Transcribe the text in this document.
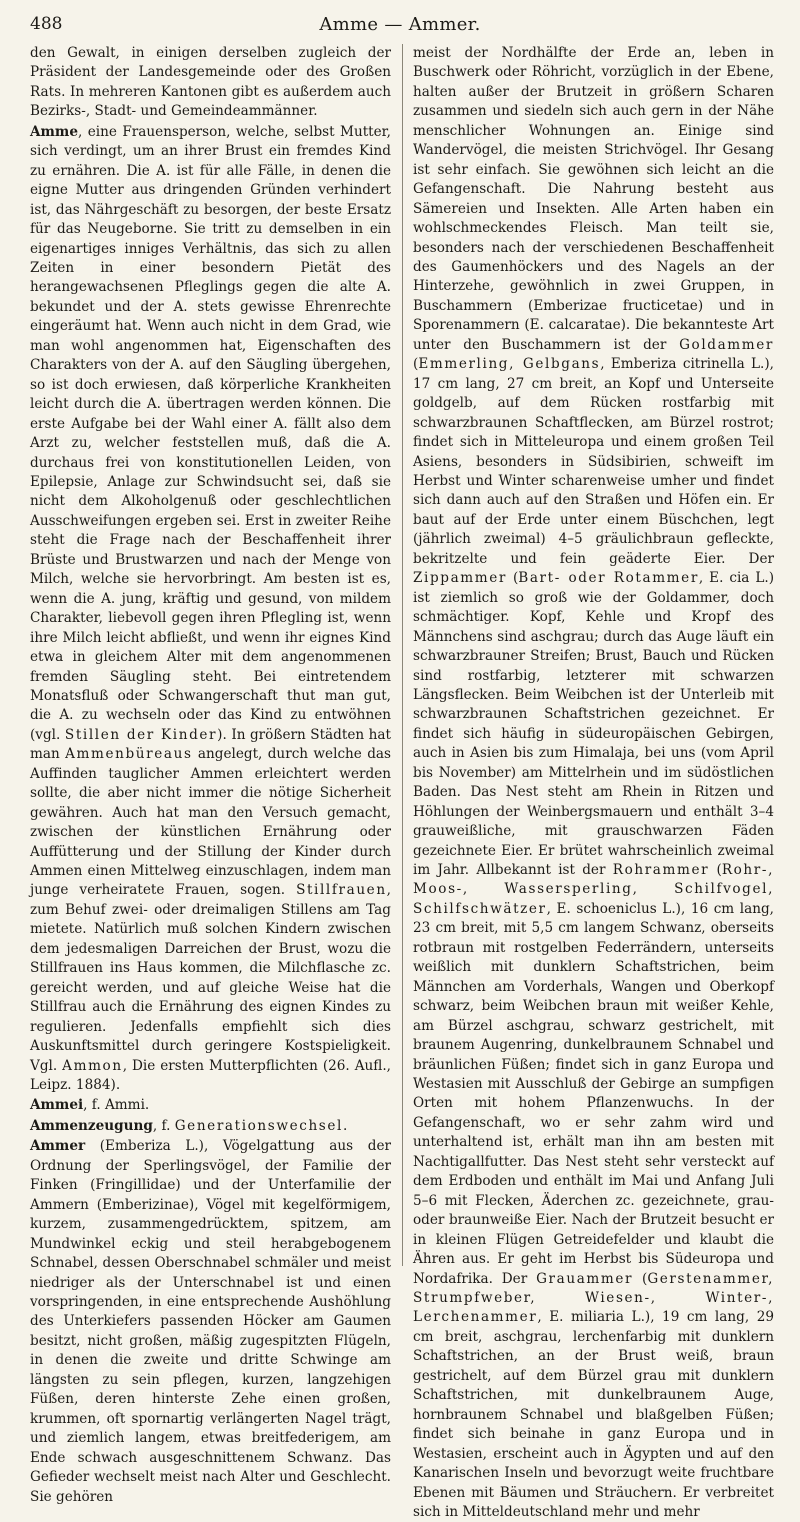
488	Amme — Ammer.

den Gewalt, in einigen derselben zugleich der Präsident der Landesgemeinde oder des Großen Rats. In mehreren Kantonen gibt es außerdem auch Bezirks-, Stadt- und Gemeindeammänner.

Amme, eine Frauensperson, welche, selbst Mutter, sich verdingt, um an ihrer Brust ein fremdes Kind zu ernähren. Die A. ist für alle Fälle, in denen die eigne Mutter aus dringenden Gründen verhindert ist, das Nährgeschäft zu besorgen, der beste Ersatz für das Neugeborne. Sie tritt zu demselben in ein eigenartiges inniges Verhältnis, das sich zu allen Zeiten in einer besondern Pietät des herangewachsenen Pfleglings gegen die alte A. bekundet und der A. stets gewisse Ehrenrechte eingeräumt hat. Wenn auch nicht in dem Grad, wie man wohl angenommen hat, Eigenschaften des Charakters von der A. auf den Säugling übergehen, so ist doch erwiesen, daß körperliche Krankheiten leicht durch die A. übertragen werden können. Die erste Aufgabe bei der Wahl einer A. fällt also dem Arzt zu, welcher feststellen muß, daß die A. durchaus frei von konstitutionellen Leiden, von Epilepsie, Anlage zur Schwindsucht sei, daß sie nicht dem Alkoholgenuß oder geschlechtlichen Ausschweifungen ergeben sei. Erst in zweiter Reihe steht die Frage nach der Beschaffenheit ihrer Brüste und Brustwarzen und nach der Menge von Milch, welche sie hervorbringt. Am besten ist es, wenn die A. jung, kräftig und gesund, von mildem Charakter, liebevoll gegen ihren Pflegling ist, wenn ihre Milch leicht abfließt, und wenn ihr eignes Kind etwa in gleichem Alter mit dem angenommenen fremden Säugling steht. Bei eintretendem Monatsfluß oder Schwangerschaft thut man gut, die A. zu wechseln oder das Kind zu entwöhnen (vgl. Stillen der Kinder). In größern Städten hat man Ammenbüreaus angelegt, durch welche das Auffinden tauglicher Ammen erleichtert werden sollte, die aber nicht immer die nötige Sicherheit gewähren. Auch hat man den Versuch gemacht, zwischen der künstlichen Ernährung oder Auffütterung und der Stillung der Kinder durch Ammen einen Mittelweg einzuschlagen, indem man junge verheiratete Frauen, sogen. Stillfrauen, zum Behuf zwei- oder dreimaligen Stillens am Tag mietete. Natürlich muß solchen Kindern zwischen dem jedesmaligen Darreichen der Brust, wozu die Stillfrauen ins Haus kommen, die Milchflasche zc. gereicht werden, und auf gleiche Weise hat die Stillfrau auch die Ernährung des eignen Kindes zu regulieren. Jedenfalls empfiehlt sich dies Auskunftsmittel durch geringere Kostspieligkeit. Vgl. Ammon, Die ersten Mutterpflichten (26. Aufl., Leipz. 1884).

Ammei, f. Ammi.

Ammenzeugung, f. Generationswechsel.

Ammer (Emberiza L.), Vögelgattung aus der Ordnung der Sperlingsvögel, der Familie der Finken (Fringillidae) und der Unterfamilie der Ammern (Emberizinae), Vögel mit kegelförmigem, kurzem, zusammengedrücktem, spitzem, am Mundwinkel eckig und steil herabgebogenem Schnabel, dessen Oberschnabel schmäler und meist niedriger als der Unterschnabel ist und einen vorspringenden, in eine entsprechende Aushöhlung des Unterkiefers passenden Höcker am Gaumen besitzt, nicht großen, mäßig zugespitzten Flügeln, in denen die zweite und dritte Schwinge am längsten zu sein pflegen, kurzen, langzehigen Füßen, deren hinterste Zehe einen großen, krummen, oft spornartig verlängerten Nagel trägt, und ziemlich langem, etwas breitfederigem, am Ende schwach ausgeschnittenem Schwanz. Das Gefieder wechselt meist nach Alter und Geschlecht. Sie gehören

meist der Nordhälfte der Erde an, leben in Buschwerk oder Röhricht, vorzüglich in der Ebene, halten außer der Brutzeit in größern Scharen zusammen und siedeln sich auch gern in der Nähe menschlicher Wohnungen an. Einige sind Wandervögel, die meisten Strichvögel. Ihr Gesang ist sehr einfach. Sie gewöhnen sich leicht an die Gefangenschaft. Die Nahrung besteht aus Sämereien und Insekten. Alle Arten haben ein wohlschmeckendes Fleisch. Man teilt sie, besonders nach der verschiedenen Beschaffenheit des Gaumenhöckers und des Nagels an der Hinterzehe, gewöhnlich in zwei Gruppen, in Buschammern (Emberizae fructicetae) und in Sporenammern (E. calcaratae). Die bekannteste Art unter den Buschammern ist der Goldammer (Emmerling, Gelbgans, Emberiza citrinella L.), 17 cm lang, 27 cm breit, an Kopf und Unterseite goldgelb, auf dem Rücken rostfarbig mit schwarzbraunen Schaftflecken, am Bürzel rostrot; findet sich in Mitteleuropa und einem großen Teil Asiens, besonders in Südsibirien, schweift im Herbst und Winter scharenweise umher und findet sich dann auch auf den Straßen und Höfen ein. Er baut auf der Erde unter einem Büschchen, legt (jährlich zweimal) 4–5 gräulichbraun gefleckte, bekritzelte und fein geäderte Eier. Der Zippammer (Bart- oder Rotammer, E. cia L.) ist ziemlich so groß wie der Goldammer, doch schmächtiger. Kopf, Kehle und Kropf des Männchens sind aschgrau; durch das Auge läuft ein schwarzbrauner Streifen; Brust, Bauch und Rücken sind rostfarbig, letzterer mit schwarzen Längsflecken. Beim Weibchen ist der Unterleib mit schwarzbraunen Schaftstrichen gezeichnet. Er findet sich häufig in südeuropäischen Gebirgen, auch in Asien bis zum Himalaja, bei uns (vom April bis November) am Mittelrhein und im südöstlichen Baden. Das Nest steht am Rhein in Ritzen und Höhlungen der Weinbergsmauern und enthält 3–4 grauweißliche, mit grauschwarzen Fäden gezeichnete Eier. Er brütet wahrscheinlich zweimal im Jahr. Allbekannt ist der Rohrammer (Rohr-, Moos-, Wassersperling, Schilfvogel, Schilfschwätzer, E. schoeniclus L.), 16 cm lang, 23 cm breit, mit 5,5 cm langem Schwanz, oberseits rotbraun mit rostgelben Federrändern, unterseits weißlich mit dunklern Schaftstrichen, beim Männchen am Vorderhals, Wangen und Oberkopf schwarz, beim Weibchen braun mit weißer Kehle, am Bürzel aschgrau, schwarz gestrichelt, mit braunem Augenring, dunkelbraunem Schnabel und bräunlichen Füßen; findet sich in ganz Europa und Westasien mit Ausschluß der Gebirge an sumpfigen Orten mit hohem Pflanzenwuchs. In der Gefangenschaft, wo er sehr zahm wird und unterhaltend ist, erhält man ihn am besten mit Nachtigallfutter. Das Nest steht sehr versteckt auf dem Erdboden und enthält im Mai und Anfang Juli 5–6 mit Flecken, Äderchen zc. gezeichnete, grau- oder braunweiße Eier. Nach der Brutzeit besucht er in kleinen Flügen Getreidefelder und klaubt die Ähren aus. Er geht im Herbst bis Südeuropa und Nordafrika. Der Grauammer (Gerstenammer, Strumpfweber, Wiesen-, Winter-, Lerchenammer, E. miliaria L.), 19 cm lang, 29 cm breit, aschgrau, lerchenfarbig mit dunklern Schaftstrichen, an der Brust weiß, braun gestrichelt, auf dem Bürzel grau mit dunklern Schaftstrichen, mit dunkelbraunem Auge, hornbraunem Schnabel und blaßgelben Füßen; findet sich beinahe in ganz Europa und in Westasien, erscheint auch in Ägypten und auf den Kanarischen Inseln und bevorzugt weite fruchtbare Ebenen mit Bäumen und Sträuchern. Er verbreitet sich in Mitteldeutschland mehr und mehr
